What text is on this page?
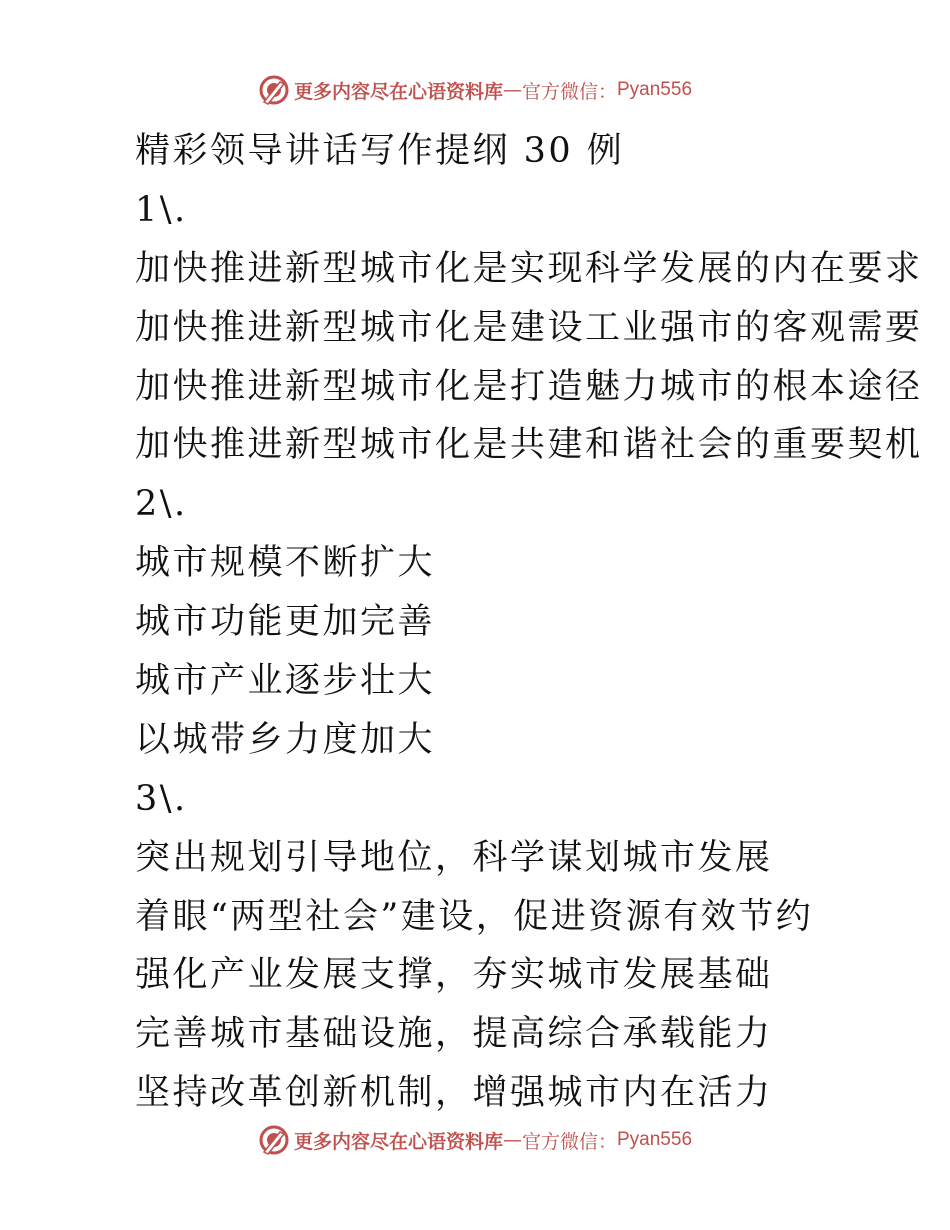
更多内容尽在心语资料库 — 官方微信： Pyan556
精彩领导讲话写作提纲 30 例
1\.
加快推进新型城市化是实现科学发展的内在要求
加快推进新型城市化是建设工业强市的客观需要
加快推进新型城市化是打造魅力城市的根本途径
加快推进新型城市化是共建和谐社会的重要契机
2\.
城市规模不断扩大
城市功能更加完善
城市产业逐步壮大
以城带乡力度加大
3\.
突出规划引导地位，科学谋划城市发展
着眼“两型社会”建设，促进资源有效节约
强化产业发展支撑，夯实城市发展基础
完善城市基础设施，提高综合承载能力
坚持改革创新机制，增强城市内在活力
更多内容尽在心语资料库 — 官方微信： Pyan556
